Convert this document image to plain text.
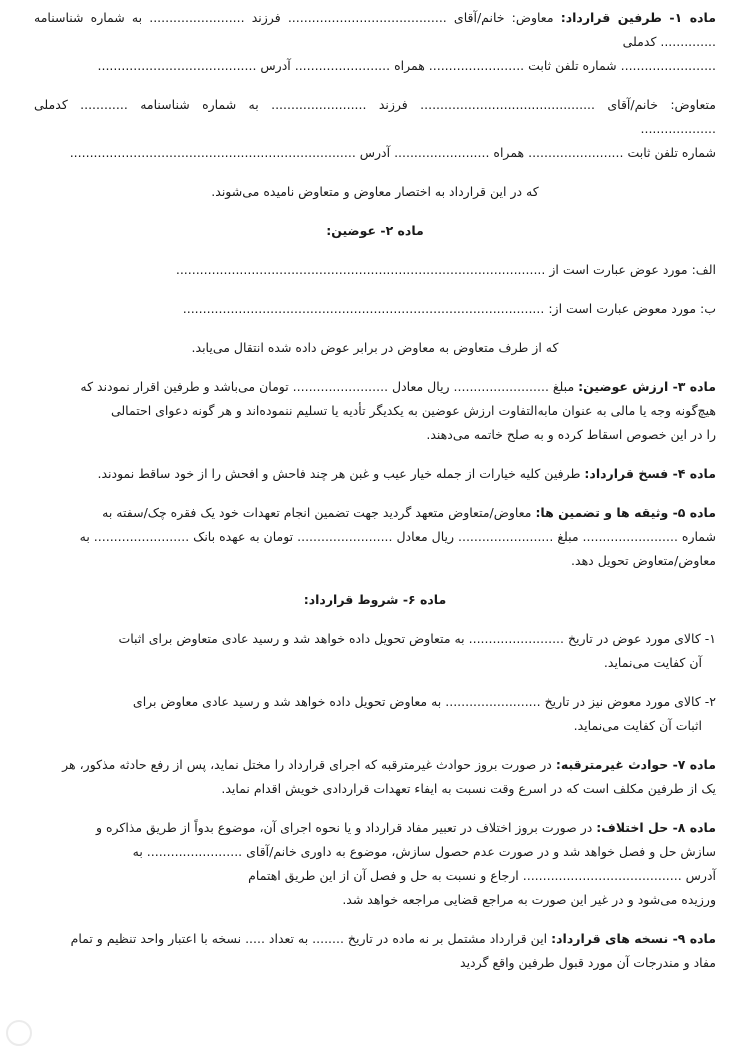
ماده ۱- طرفین قرارداد: معاوض: خانم/آقای ........................................ فرزند ........................ به شماره شناسنامه .............. کدملی
........................ شماره تلفن ثابت ........................ همراه ........................ آدرس ........................................
متعاوض: خانم/آقای ............................................ فرزند ........................ به شماره شناسنامه ............ کدملی ...................
شماره تلفن ثابت ........................ همراه ........................ آدرس ........................................................................
که در این قرارداد به اختصار معاوض و متعاوض نامیده می‌شوند.
ماده ۲- عوضین:
الف: مورد عوض عبارت است از .............................................................................................
ب: مورد معوض عبارت است از: ...........................................................................................
که از طرف متعاوض به معاوض در برابر عوض داده شده انتقال می‌یابد.
ماده ۳- ارزش عوضین: مبلغ ........................ ریال معادل ........................ تومان می‌باشد و طرفین اقرار نمودند که
هیچ‌گونه وجه یا مالی به عنوان مابه‌التفاوت ارزش عوضین به یکدیگر تأدیه یا تسلیم ننموده‌اند و هر گونه دعوای احتمالی
را در این خصوص اسقاط کرده و به صلح خاتمه می‌دهند.
ماده ۴- فسخ قرارداد: طرفین کلیه خیارات از جمله خیار عیب و غبن هر چند فاحش و افحش را از خود ساقط نمودند.
ماده ۵- وثیقه ها و تضمین ها: معاوض/متعاوض متعهد گردید جهت تضمین انجام تعهدات خود یک فقره چک/سفته به
شماره ........................ مبلغ ........................ ریال معادل ........................ تومان به عهده بانک ........................ به
معاوض/متعاوض تحویل دهد.
ماده ۶- شروط قرارداد:
۱- کالای مورد عوض در تاریخ ........................ به متعاوض تحویل داده خواهد شد و رسید عادی متعاوض برای اثبات
آن کفایت می‌نماید.
۲- کالای مورد معوض نیز در تاریخ ........................ به معاوض تحویل داده خواهد شد و رسید عادی معاوض برای
اثبات آن کفایت می‌نماید.
ماده ۷- حوادث غیرمترقبه: در صورت بروز حوادث غیرمترقبه که اجرای قرارداد را مختل نماید، پس از رفع حادثه مذکور، هر
یک از طرفین مکلف است که در اسرع وقت نسبت به ایفاء تعهدات قراردادی خویش اقدام نماید.
ماده ۸- حل اختلاف: در صورت بروز اختلاف در تعبیر مفاد قرارداد و یا نحوه اجرای آن، موضوع بدواً از طریق مذاکره و
سازش حل و فصل خواهد شد و در صورت عدم حصول سازش، موضوع به داوری خانم/آقای ........................ به
آدرس ........................................ ارجاع و نسبت به حل و فصل آن از این طریق اهتمام
ورزیده می‌شود و در غیر این صورت به مراجع قضایی مراجعه خواهد شد.
ماده ۹- نسخه های قرارداد: این قرارداد مشتمل بر نه ماده در تاریخ ........ به تعداد ..... نسخه با اعتبار واحد تنظیم و تمام
مفاد و مندرجات آن مورد قبول طرفین واقع گردید
